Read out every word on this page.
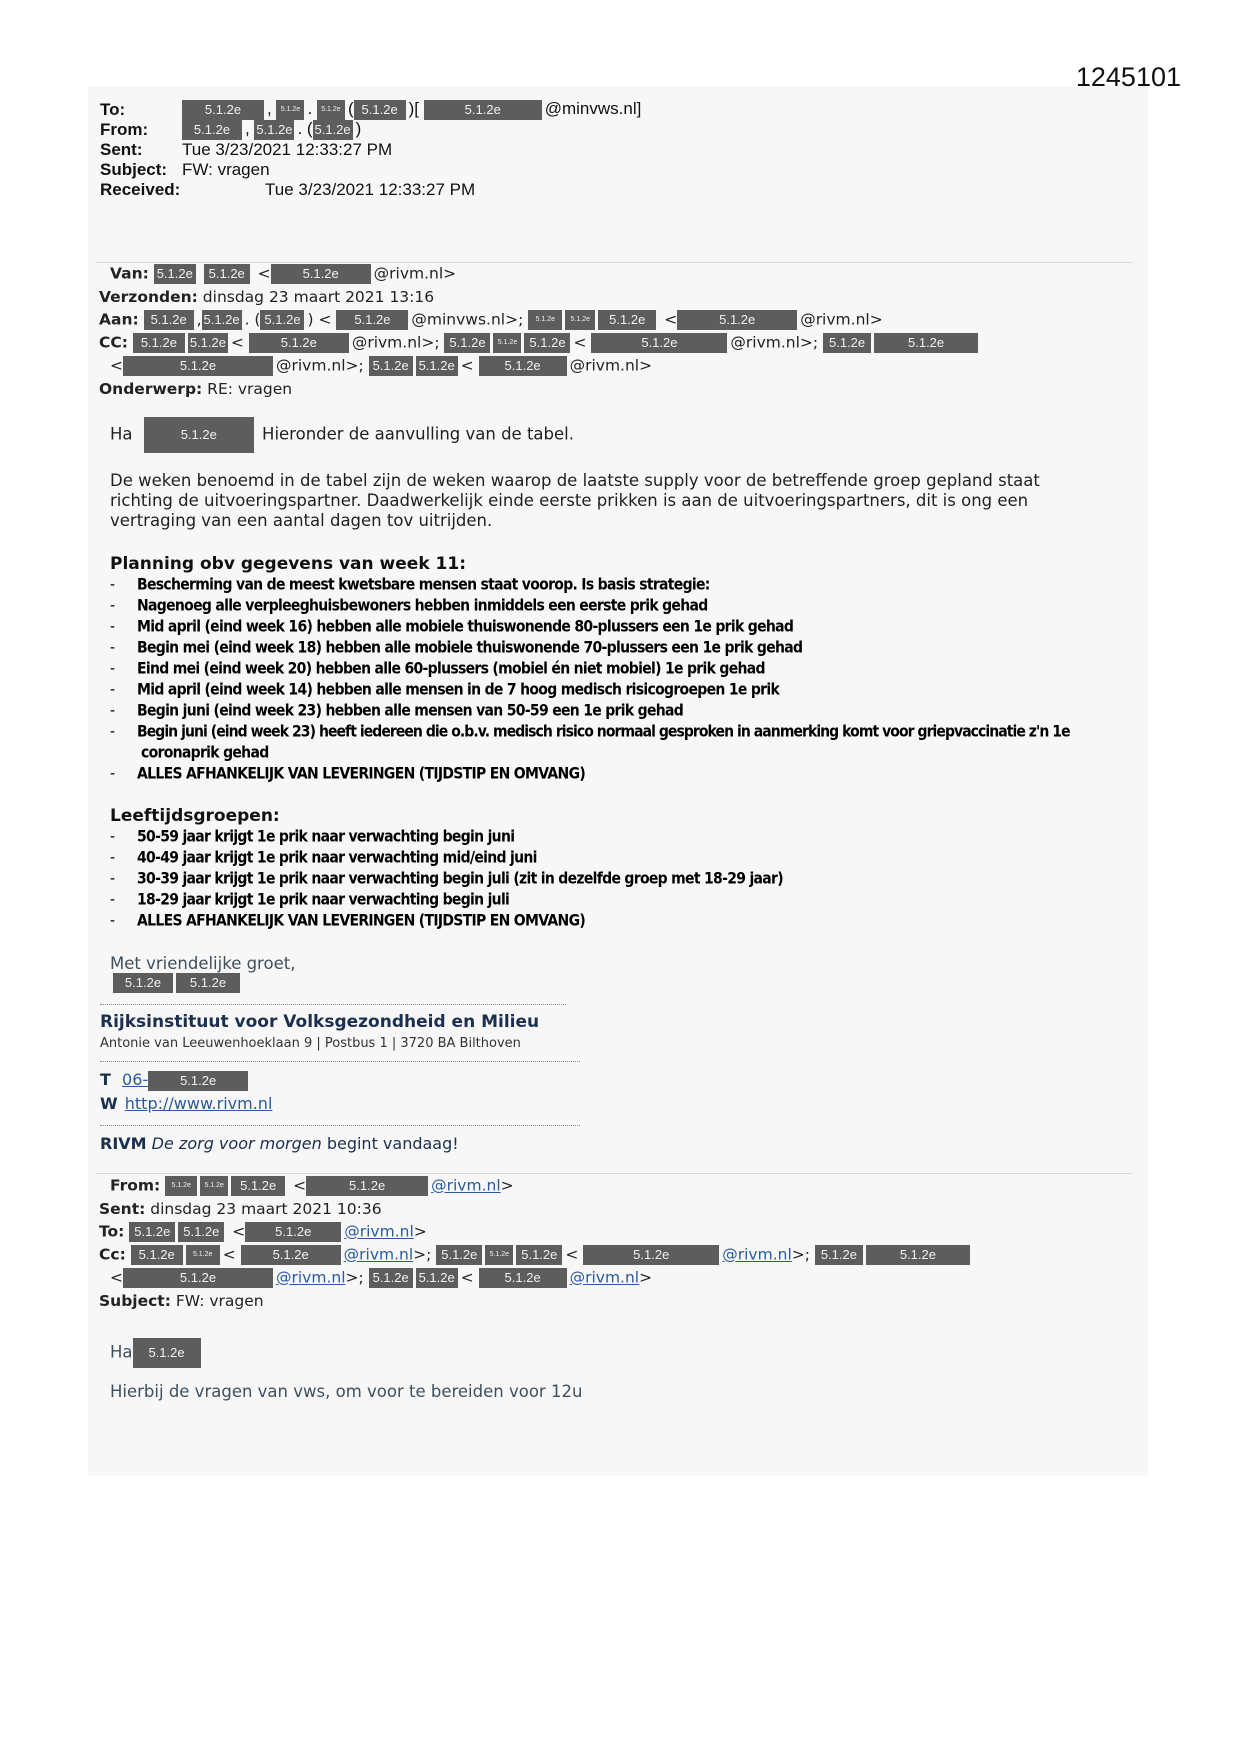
1245101
To:	5.1.2e , 5.1.2e . 5.1.2e ( 5.1.2e )[	5.1.2e	@minvws.nl]
From:	5.1.2e , 5.1.2e . ( 5.1.2e )
Sent: Tue 3/23/2021 12:33:27 PM
Subject: FW: vragen
Received:	Tue 3/23/2021 12:33:27 PM
Van: 5.1.2e 5.1.2e < 5.1.2e @rivm.nl>
Verzonden: dinsdag 23 maart 2021 13:16
Aan: 5.1.2e , 5.1.2e . ( 5.1.2e ) < 5.1.2e @minvws.nl>; 5.1.2e 5.1.2e 5.1.2e <	5.1.2e	@rivm.nl>
CC: 5.1.2e 5.1.2e <	5.1.2e @rivm.nl>; 5.1.2e 5.1.2e 5.1.2e <	5.1.2e	@rivm.nl>; 5.1.2e	5.1.2e
<	5.1.2e	@rivm.nl>; 5.1.2e 5.1.2e < 5.1.2e @rivm.nl>
Onderwerp: RE: vragen
Ha	5.1.2e	Hieronder de aanvulling van de tabel.
De weken benoemd in de tabel zijn de weken waarop de laatste supply voor de betreffende groep gepland staat
richting de uitvoeringspartner. Daadwerkelijk einde eerste prikken is aan de uitvoeringspartners, dit is ong een
vertraging van een aantal dagen tov uitrijden.
Planning obv gegevens van week 11:
- Bescherming van de meest kwetsbare mensen staat voorop. Is basis strategie:
- Nagenoeg alle verpleeghuisbewoners hebben inmiddels een eerste prik gehad
- Mid april (eind week 16) hebben alle mobiele thuiswonende 80-plussers een 1e prik gehad
- Begin mei (eind week 18) hebben alle mobiele thuiswonende 70-plussers een 1e prik gehad
- Eind mei (eind week 20) hebben alle 60-plussers (mobiel én niet mobiel) 1e prik gehad
- Mid april (eind week 14) hebben alle mensen in de 7 hoog medisch risicogroepen 1e prik
- Begin juni (eind week 23) hebben alle mensen van 50-59 een 1e prik gehad
- Begin juni (eind week 23) heeft iedereen die o.b.v. medisch risico normaal gesproken in aanmerking komt voor griepvaccinatie z'n 1e
coronaprik gehad
- ALLES AFHANKELIJK VAN LEVERINGEN (TIJDSTIP EN OMVANG)
Leeftijdsgroepen:
- 50-59 jaar krijgt 1e prik naar verwachting begin juni
- 40-49 jaar krijgt 1e prik naar verwachting mid/eind juni
- 30-39 jaar krijgt 1e prik naar verwachting begin juli (zit in dezelfde groep met 18-29 jaar)
- 18-29 jaar krijgt 1e prik naar verwachting begin juli
- ALLES AFHANKELIJK VAN LEVERINGEN (TIJDSTIP EN OMVANG)
Met vriendelijke groet,
5.1.2e 5.1.2e
Rijksinstituut voor Volksgezondheid en Milieu
Antonie van Leeuwenhoeklaan 9 | Postbus 1 | 3720 BA Bilthoven
T 06- 5.1.2e
W http://www.rivm.nl
RIVM De zorg voor morgen begint vandaag!
From: 5.1.2e 5.1.2e 5.1.2e <	5.1.2e	@rivm.nl>
Sent: dinsdag 23 maart 2021 10:36
To: 5.1.2e 5.1.2e < 5.1.2e @rivm.nl>
Cc: 5.1.2e	5.1.2e <	5.1.2e @rivm.nl>; 5.1.2e 5.1.2e 5.1.2e <	5.1.2e	@rivm.nl>; 5.1.2e	5.1.2e
<	5.1.2e	@rivm.nl>; 5.1.2e 5.1.2e < 5.1.2e @rivm.nl>
Subject: FW: vragen
Ha 5.1.2e
Hierbij de vragen van vws, om voor te bereiden voor 12u
